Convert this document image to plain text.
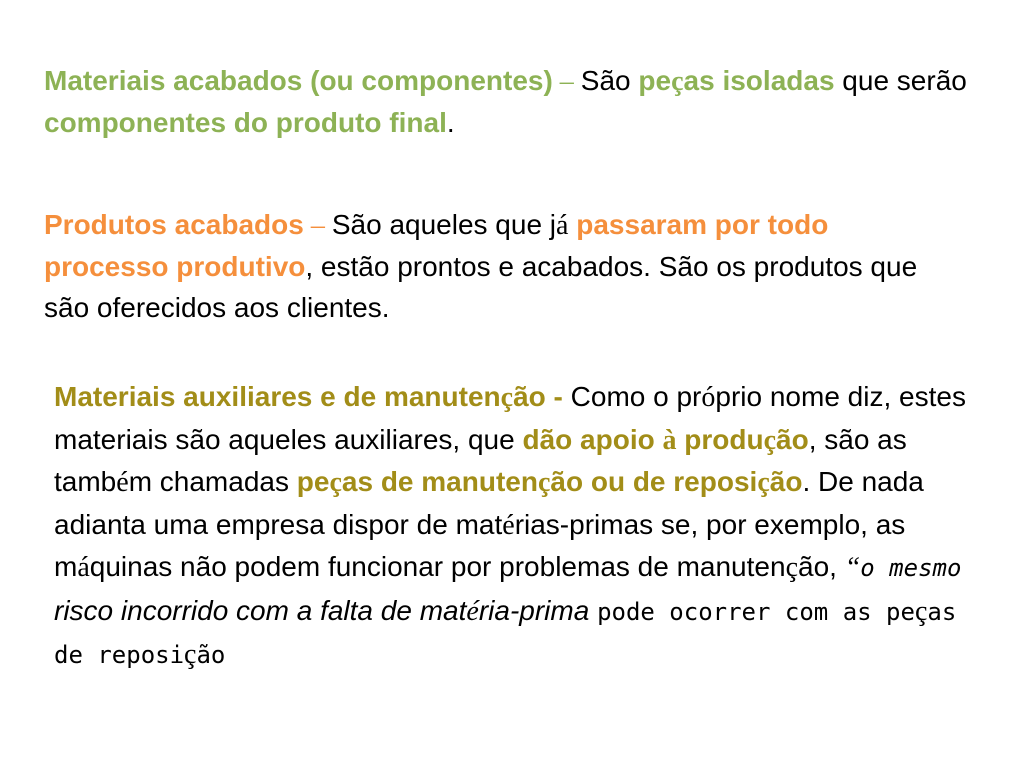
Materiais acabados (ou componentes) – São peças isoladas que serão componentes do produto final.

Produtos acabados – São aqueles que já passaram por todo processo produtivo, estão prontos e acabados. São os produtos que são oferecidos aos clientes.

Materiais auxiliares e de manutenção - Como o próprio nome diz, estes materiais são aqueles auxiliares, que dão apoio à produção, são as também chamadas peças de manutenção ou de reposição. De nada adianta uma empresa dispor de matérias-primas se, por exemplo, as máquinas não podem funcionar por problemas de manutenção, “o mesmo risco incorrido com a falta de matéria-prima pode ocorrer com as peças de reposição
